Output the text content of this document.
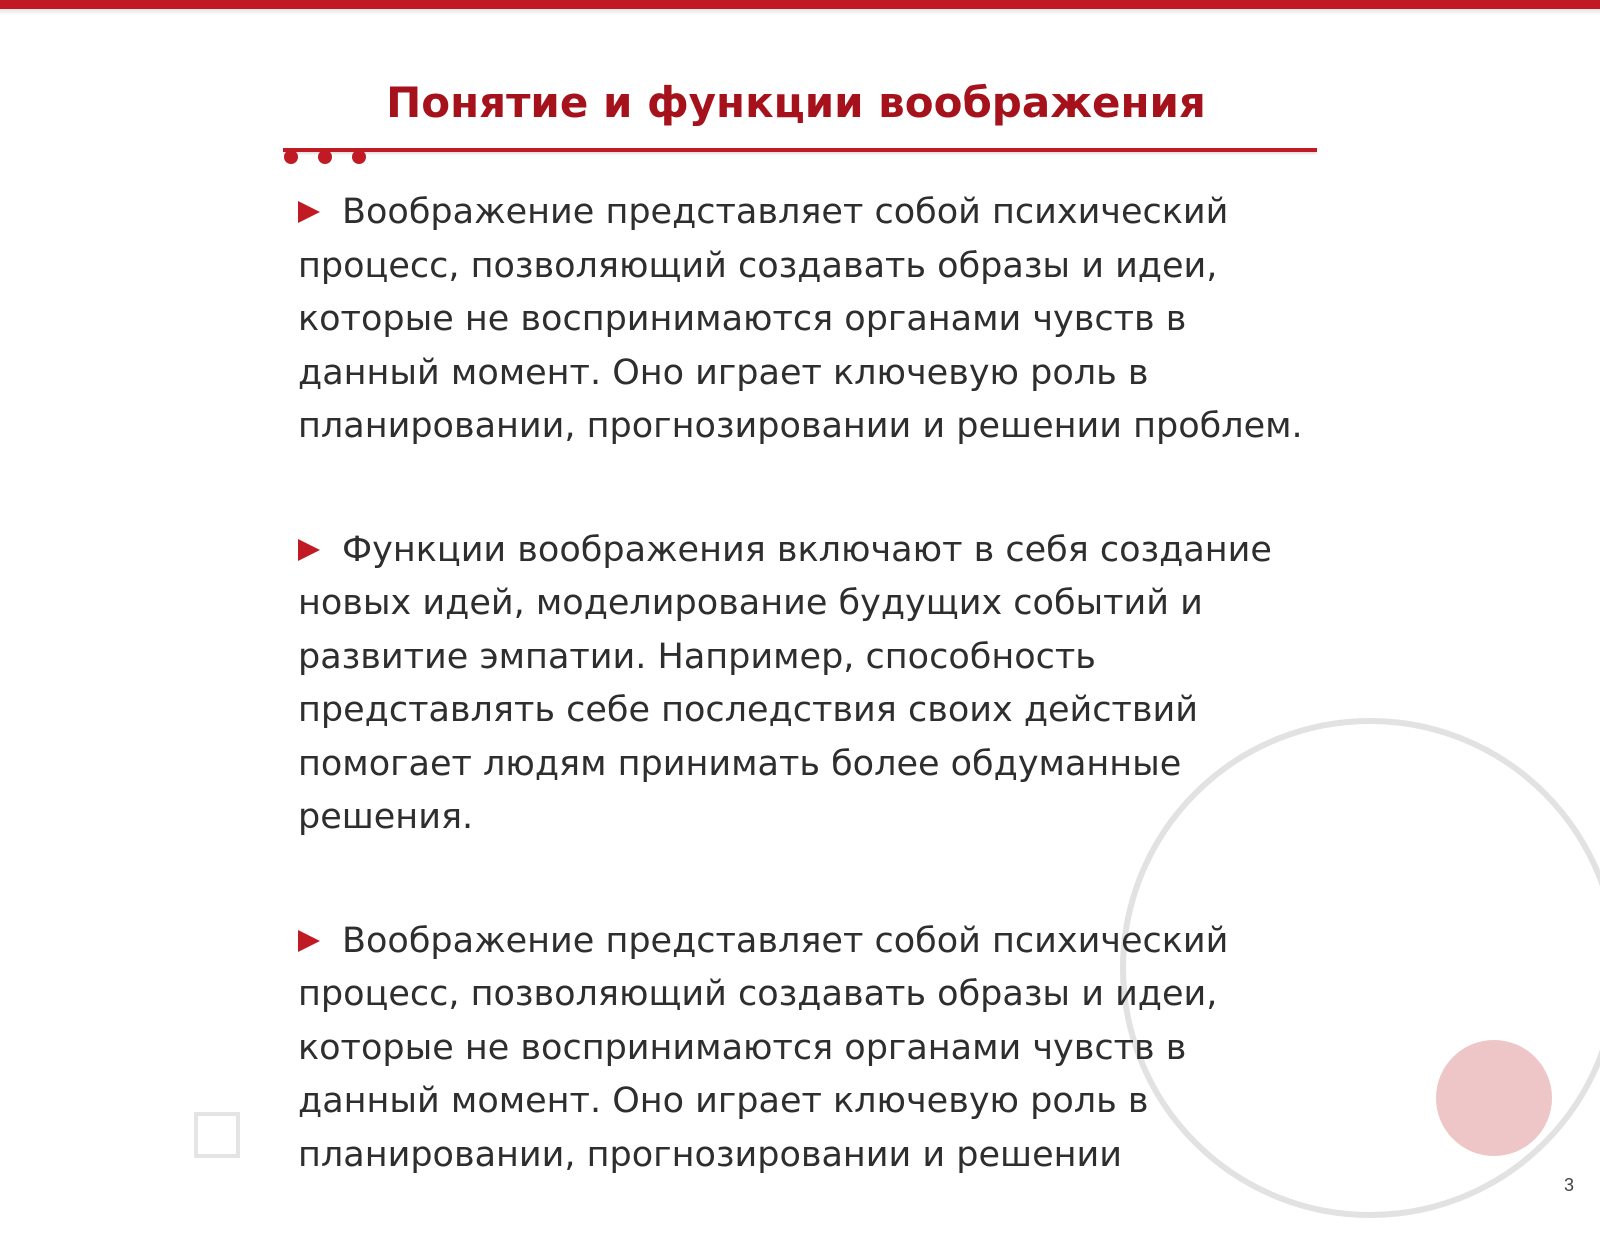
Понятие и функции воображения

Воображение представляет собой психический процесс, позволяющий создавать образы и идеи, которые не воспринимаются органами чувств в данный момент. Оно играет ключевую роль в планировании, прогнозировании и решении проблем.

Функции воображения включают в себя создание новых идей, моделирование будущих событий и развитие эмпатии. Например, способность представлять себе последствия своих действий помогает людям принимать более обдуманные решения.

Воображение представляет собой психический процесс, позволяющий создавать образы и идеи, которые не воспринимаются органами чувств в данный момент. Оно играет ключевую роль в планировании, прогнозировании и решении

3
